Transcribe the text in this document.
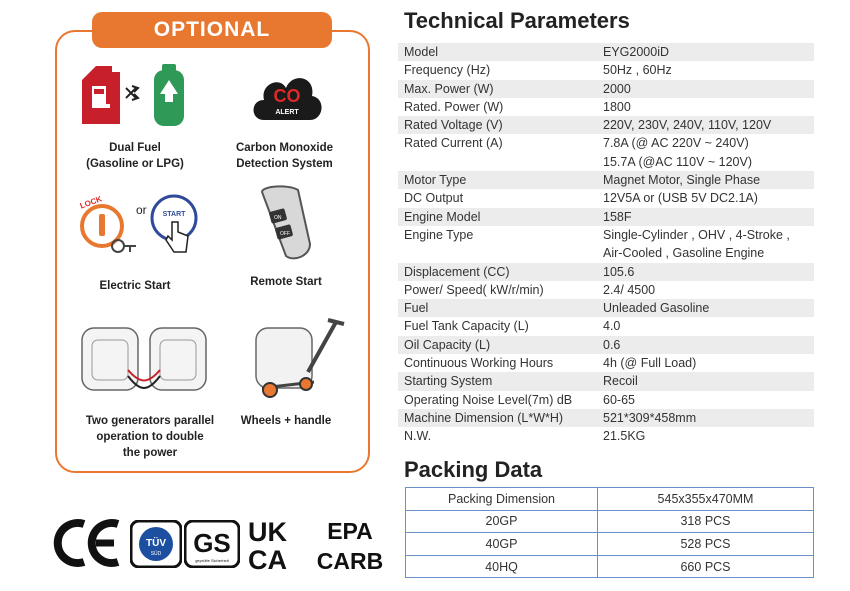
OPTIONAL
Dual Fuel
(Gasoline or LPG)
CO
ALERT
Carbon Monoxide
Detection System
LOCK	or START
Electric Start
ON
OFF
Remote Start
Two generators parallel
operation to double
the power
Wheels + handle
TÜV
SÜD GS
geprüfte Sicherheit
UK
CA
EPA
CARB
Technical Parameters
Model	EYG2000iD
Frequency (Hz)	50Hz , 60Hz
Max. Power (W)	2000
Rated. Power (W)	1800
Rated Voltage (V)	220V, 230V, 240V, 110V, 120V
Rated Current (A)	7.8A (@ AC 220V ~ 240V)
15.7A (@AC 110V ~ 120V)
Motor Type	Magnet Motor, Single Phase
DC Output	12V5A or (USB 5V DC2.1A)
Engine Model	158F
Engine Type	Single-Cylinder , OHV , 4-Stroke ,
Air-Cooled , Gasoline Engine
Displacement (CC)	105.6
Power/ Speed( kW/r/min)	2.4/ 4500
Fuel	Unleaded Gasoline
Fuel Tank Capacity (L)	4.0
Oil Capacity (L)	0.6
Continuous Working Hours	4h (@ Full Load)
Starting System	Recoil
Operating Noise Level(7m) dB	60-65
Machine Dimension (L*W*H)	521*309*458mm
N.W.	21.5KG
Packing Data
Packing Dimension	545x355x470MM
20GP	318 PCS
40GP	528 PCS
40HQ	660 PCS
